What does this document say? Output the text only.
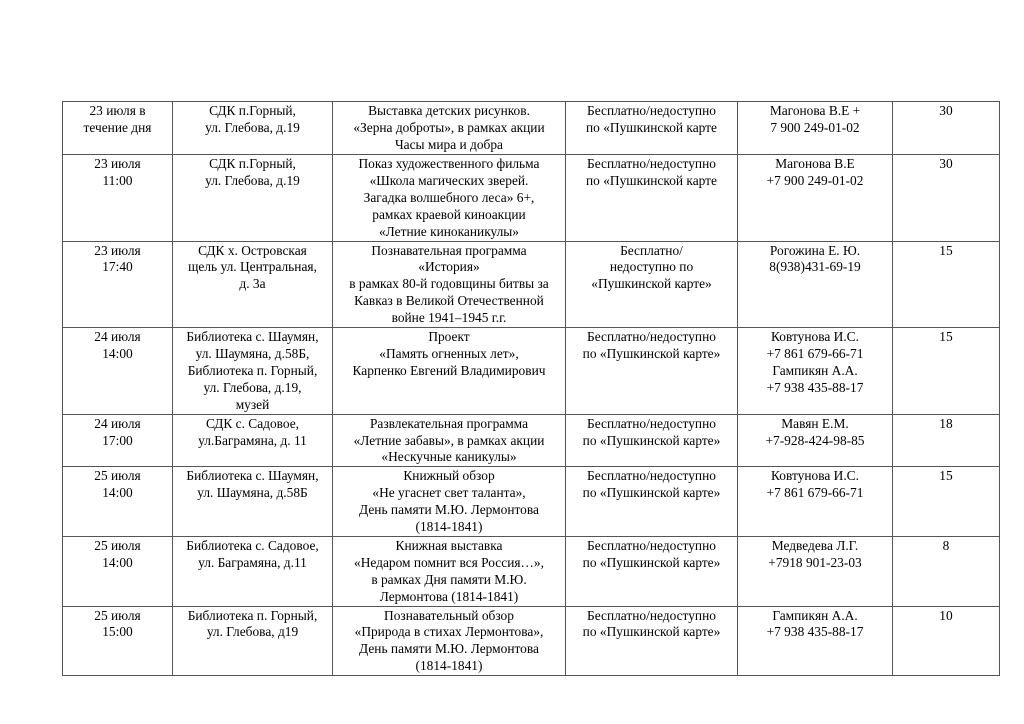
23 июля в
течение дня	СДК п.Горный,
ул. Глебова, д.19	Выставка детских рисунков.
«Зерна доброты», в рамках акции
Часы мира и добра	Бесплатно/недоступно
по «Пушкинской карте	Магонова В.Е +
7 900 249-01-02	30

23 июля
11:00	СДК п.Горный,
ул. Глебова, д.19	Показ художественного фильма
«Школа магических зверей.
Загадка волшебного леса» 6+,
рамках краевой киноакции
«Летние киноканикулы»	Бесплатно/недоступно
по «Пушкинской карте	Магонова В.Е
+7 900 249-01-02	30

23 июля
17:40	СДК х. Островская
щель ул. Центральная,
д. 3а	Познавательная программа
«История»
в рамках 80-й годовщины битвы за
Кавказ в Великой Отечественной
войне 1941–1945 г.г.	Бесплатно/
недоступно по
«Пушкинской карте»	Рогожина Е. Ю.
8(938)431-69-19	15

24 июля
14:00	Библиотека с. Шаумян,
ул. Шаумяна, д.58Б,
Библиотека п. Горный,
ул. Глебова, д.19,
музей	Проект
«Память огненных лет»,
Карпенко Евгений Владимирович	Бесплатно/недоступно
по «Пушкинской карте»	Ковтунова И.С.
+7 861 679-66-71
Гампикян А.А.
+7 938 435-88-17	15

24 июля
17:00	СДК с. Садовое,
ул.Баграмяна, д. 11	Развлекательная программа
«Летние забавы», в рамках акции
«Нескучные каникулы»	Бесплатно/недоступно
по «Пушкинской карте»	Мавян Е.М.
+7-928-424-98-85	18

25 июля
14:00	Библиотека с. Шаумян,
ул. Шаумяна, д.58Б	Книжный обзор
«Не угаснет свет таланта»,
День памяти М.Ю. Лермонтова
(1814-1841)	Бесплатно/недоступно
по «Пушкинской карте»	Ковтунова И.С.
+7 861 679-66-71	15

25 июля
14:00	Библиотека с. Садовое,
ул. Баграмяна, д.11	Книжная выставка
«Недаром помнит вся Россия…»,
в рамках Дня памяти М.Ю.
Лермонтова (1814-1841)	Бесплатно/недоступно
по «Пушкинской карте»	Медведева Л.Г.
+7918 901-23-03	8

25 июля
15:00	Библиотека п. Горный,
ул. Глебова, д19	Познавательный обзор
«Природа в стихах Лермонтова»,
День памяти М.Ю. Лермонтова
(1814-1841)	Бесплатно/недоступно
по «Пушкинской карте»	Гампикян А.А.
+7 938 435-88-17	10
